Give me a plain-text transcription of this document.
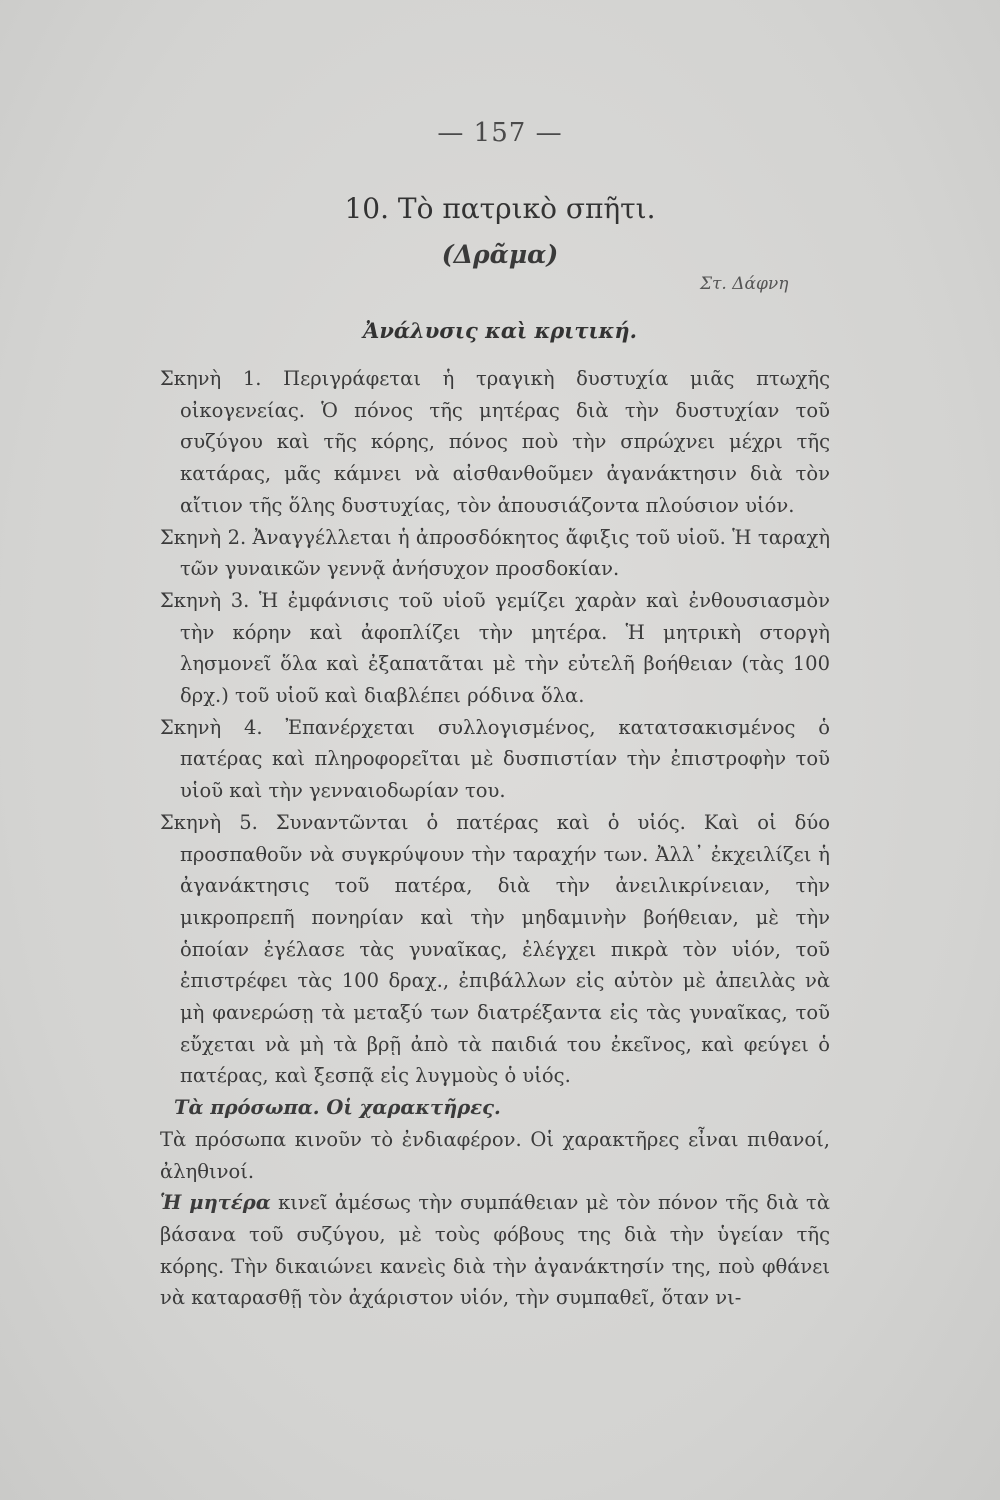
— 157 —
10. Τὸ πατρικὸ σπῆτι.
(Δρᾶμα)
Στ. Δάφνη
Ἀνάλυσις καὶ κριτική.

Σκηνὴ 1. Περιγράφεται ἡ τραγικὴ δυστυχία μιᾶς πτωχῆς οἰκογενείας. Ὁ πόνος τῆς μητέρας διὰ τὴν δυστυχίαν τοῦ συζύγου καὶ τῆς κόρης, πόνος ποὺ τὴν σπρώχνει μέχρι τῆς κατάρας, μᾶς κάμνει νὰ αἰσθανθοῦμεν ἀγανάκτησιν διὰ τὸν αἴτιον τῆς ὅλης δυστυχίας, τὸν ἀπουσιάζοντα πλούσιον υἱόν.

Σκηνὴ 2. Ἀναγγέλλεται ἡ ἀπροσδόκητος ἄφιξις τοῦ υἱοῦ. Ἡ ταραχὴ τῶν γυναικῶν γεννᾷ ἀνήσυχον προσδοκίαν.

Σκηνὴ 3. Ἡ ἐμφάνισις τοῦ υἱοῦ γεμίζει χαρὰν καὶ ἐνθουσιασμὸν τὴν κόρην καὶ ἀφοπλίζει τὴν μητέρα. Ἡ μητρικὴ στοργὴ λησμονεῖ ὅλα καὶ ἐξαπατᾶται μὲ τὴν εὐτελῆ βοήθειαν (τὰς 100 δρχ.) τοῦ υἱοῦ καὶ διαβλέπει ρόδινα ὅλα.

Σκηνὴ 4. Ἐπανέρχεται συλλογισμένος, κατατσακισμένος ὁ πατέρας καὶ πληροφορεῖται μὲ δυσπιστίαν τὴν ἐπιστροφὴν τοῦ υἱοῦ καὶ τὴν γενναιοδωρίαν του.

Σκηνὴ 5. Συναντῶνται ὁ πατέρας καὶ ὁ υἱός. Καὶ οἱ δύο προσπαθοῦν νὰ συγκρύψουν τὴν ταραχήν των. Ἀλλ᾽ ἐκχειλίζει ἡ ἀγανάκτησις τοῦ πατέρα, διὰ τὴν ἀνειλικρίνειαν, τὴν μικροπρεπῆ πονηρίαν καὶ τὴν μηδαμινὴν βοήθειαν, μὲ τὴν ὁποίαν ἐγέλασε τὰς γυναῖκας, ἐλέγχει πικρὰ τὸν υἱόν, τοῦ ἐπιστρέφει τὰς 100 δραχ., ἐπιβάλλων εἰς αὐτὸν μὲ ἀπειλὰς νὰ μὴ φανερώσῃ τὰ μεταξύ των διατρέξαντα εἰς τὰς γυναῖκας, τοῦ εὔχεται νὰ μὴ τὰ βρῇ ἀπὸ τὰ παιδιά του ἐκεῖνος, καὶ φεύγει ὁ πατέρας, καὶ ξεσπᾷ εἰς λυγμοὺς ὁ υἱός.

Τὰ πρόσωπα. Οἱ χαρακτῆρες.

Τὰ πρόσωπα κινοῦν τὸ ἐνδιαφέρον. Οἱ χαρακτῆρες εἶναι πιθανοί, ἀληθινοί.

Ἡ μητέρα κινεῖ ἀμέσως τὴν συμπάθειαν μὲ τὸν πόνον τῆς διὰ τὰ βάσανα τοῦ συζύγου, μὲ τοὺς φόβους της διὰ τὴν ὑγείαν τῆς κόρης. Τὴν δικαιώνει κανεὶς διὰ τὴν ἀγανάκτησίν της, ποὺ φθάνει νὰ καταρασθῇ τὸν ἀχάριστον υἱόν, τὴν συμπαθεῖ, ὅταν νι-
